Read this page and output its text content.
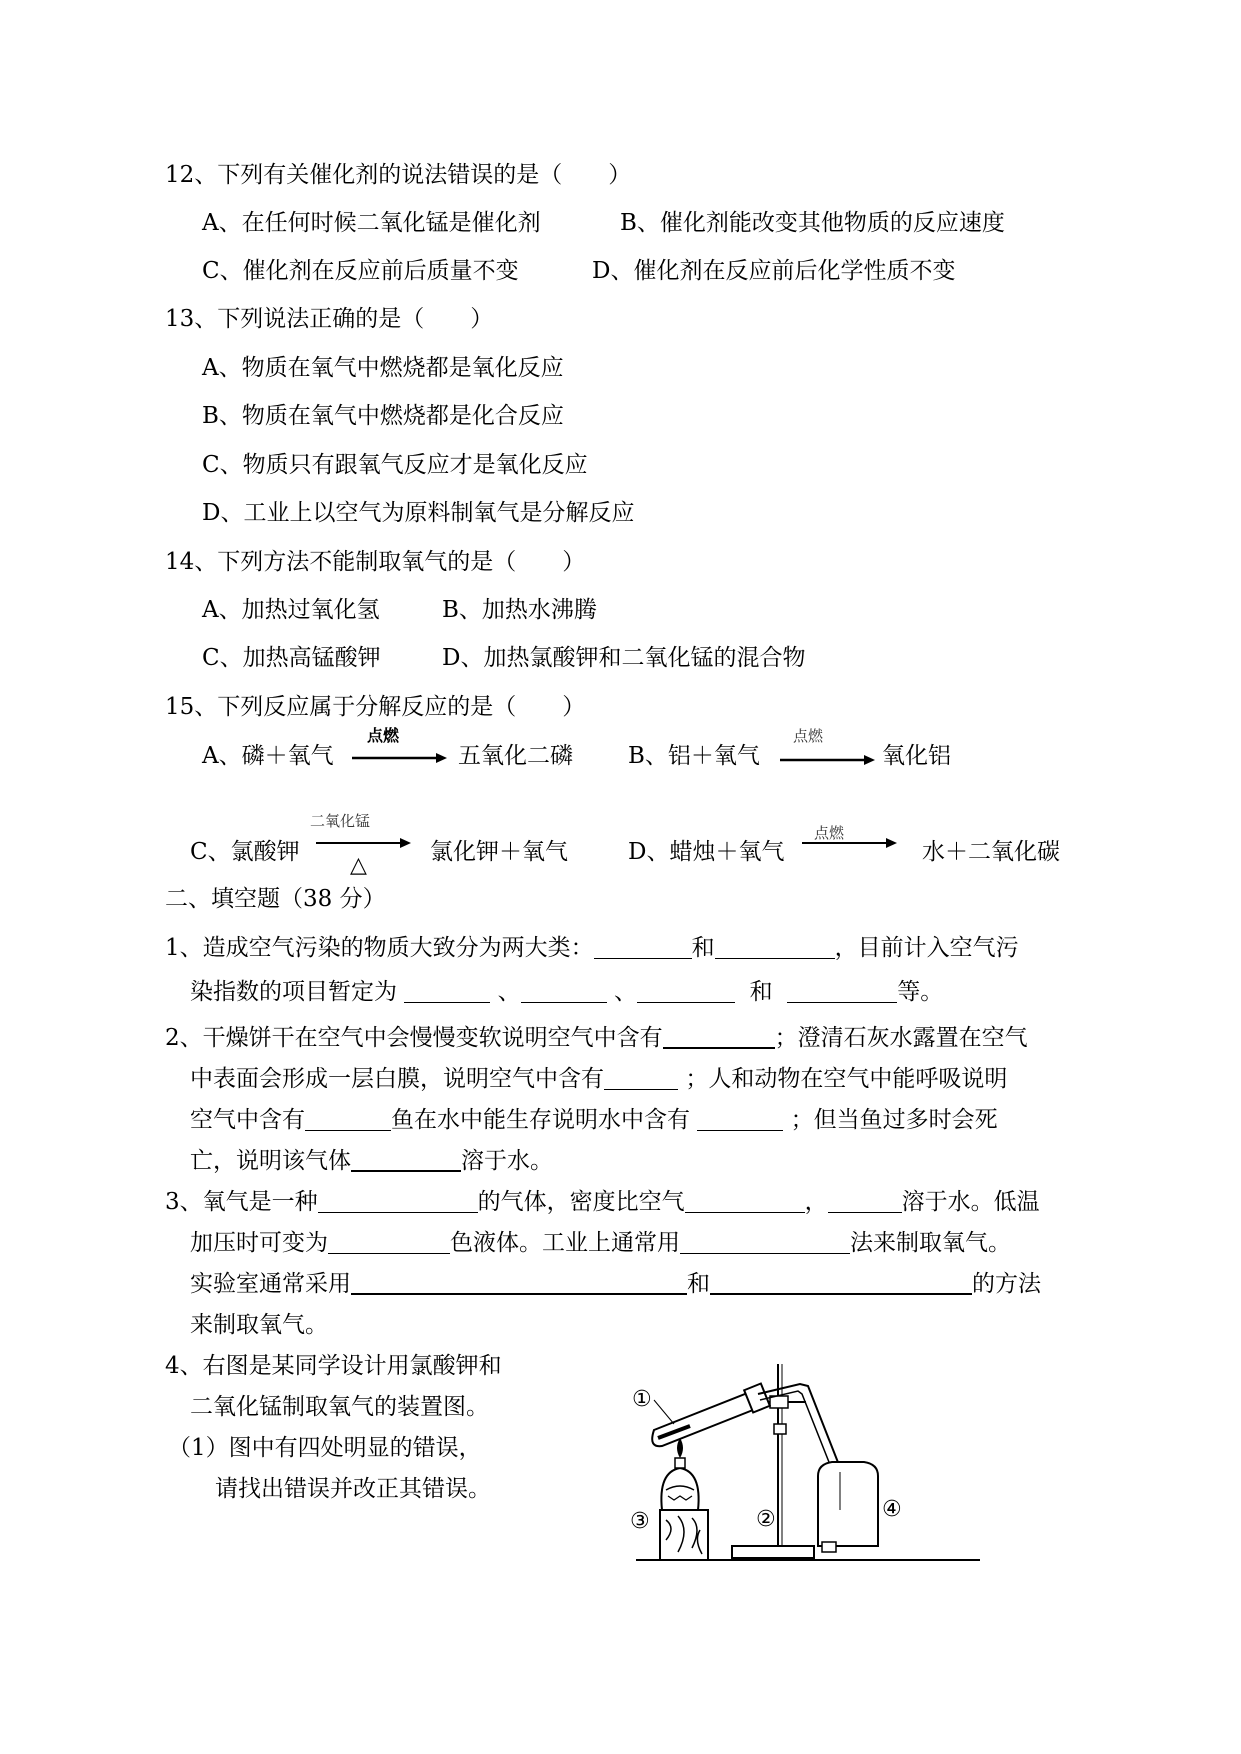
12、下列有关催化剂的说法错误的是（　　）
A、在任何时候二氧化锰是催化剂	B、催化剂能改变其他物质的反应速度
C、催化剂在反应前后质量不变	D、催化剂在反应前后化学性质不变
13、下列说法正确的是（　　）
A、物质在氧气中燃烧都是氧化反应
B、物质在氧气中燃烧都是化合反应
C、物质只有跟氧气反应才是氧化反应
D、工业上以空气为原料制氧气是分解反应
14、下列方法不能制取氧气的是（　　）
A、加热过氧化氢	B、加热水沸腾
C、加热高锰酸钾	D、加热氯酸钾和二氧化锰的混合物
15、下列反应属于分解反应的是（　　）
A、磷＋氧气
点燃
五氧化二磷 B、铝＋氧气
点燃
氧化铝
C、氯酸钾
二氧化锰
△
氯化钾＋氧气	D、蜡烛＋氧气
点燃
水＋二氧化碳
二、填空题（38 分）
1、造成空气污染的物质大致分为两大类：	和	，目前计入空气污
染指数的项目暂定为	、	、	和	等。
2、干燥饼干在空气中会慢慢变软说明空气中含有	；澄清石灰水露置在空气
中表面会形成一层白膜，说明空气中含有	；人和动物在空气中能呼吸说明
空气中含有	鱼在水中能生存说明水中含有	；但当鱼过多时会死
亡，说明该气体	溶于水。
3、氧气是一种	的气体，密度比空气	，	溶于水。低温
加压时可变为	色液体。工业上通常用	法来制取氧气。
实验室通常采用	和	的方法
来制取氧气。
4、右图是某同学设计用氯酸钾和
二氧化锰制取氧气的装置图。
（1）图中有四处明显的错误，
请找出错误并改正其错误。
①
②
③	④
